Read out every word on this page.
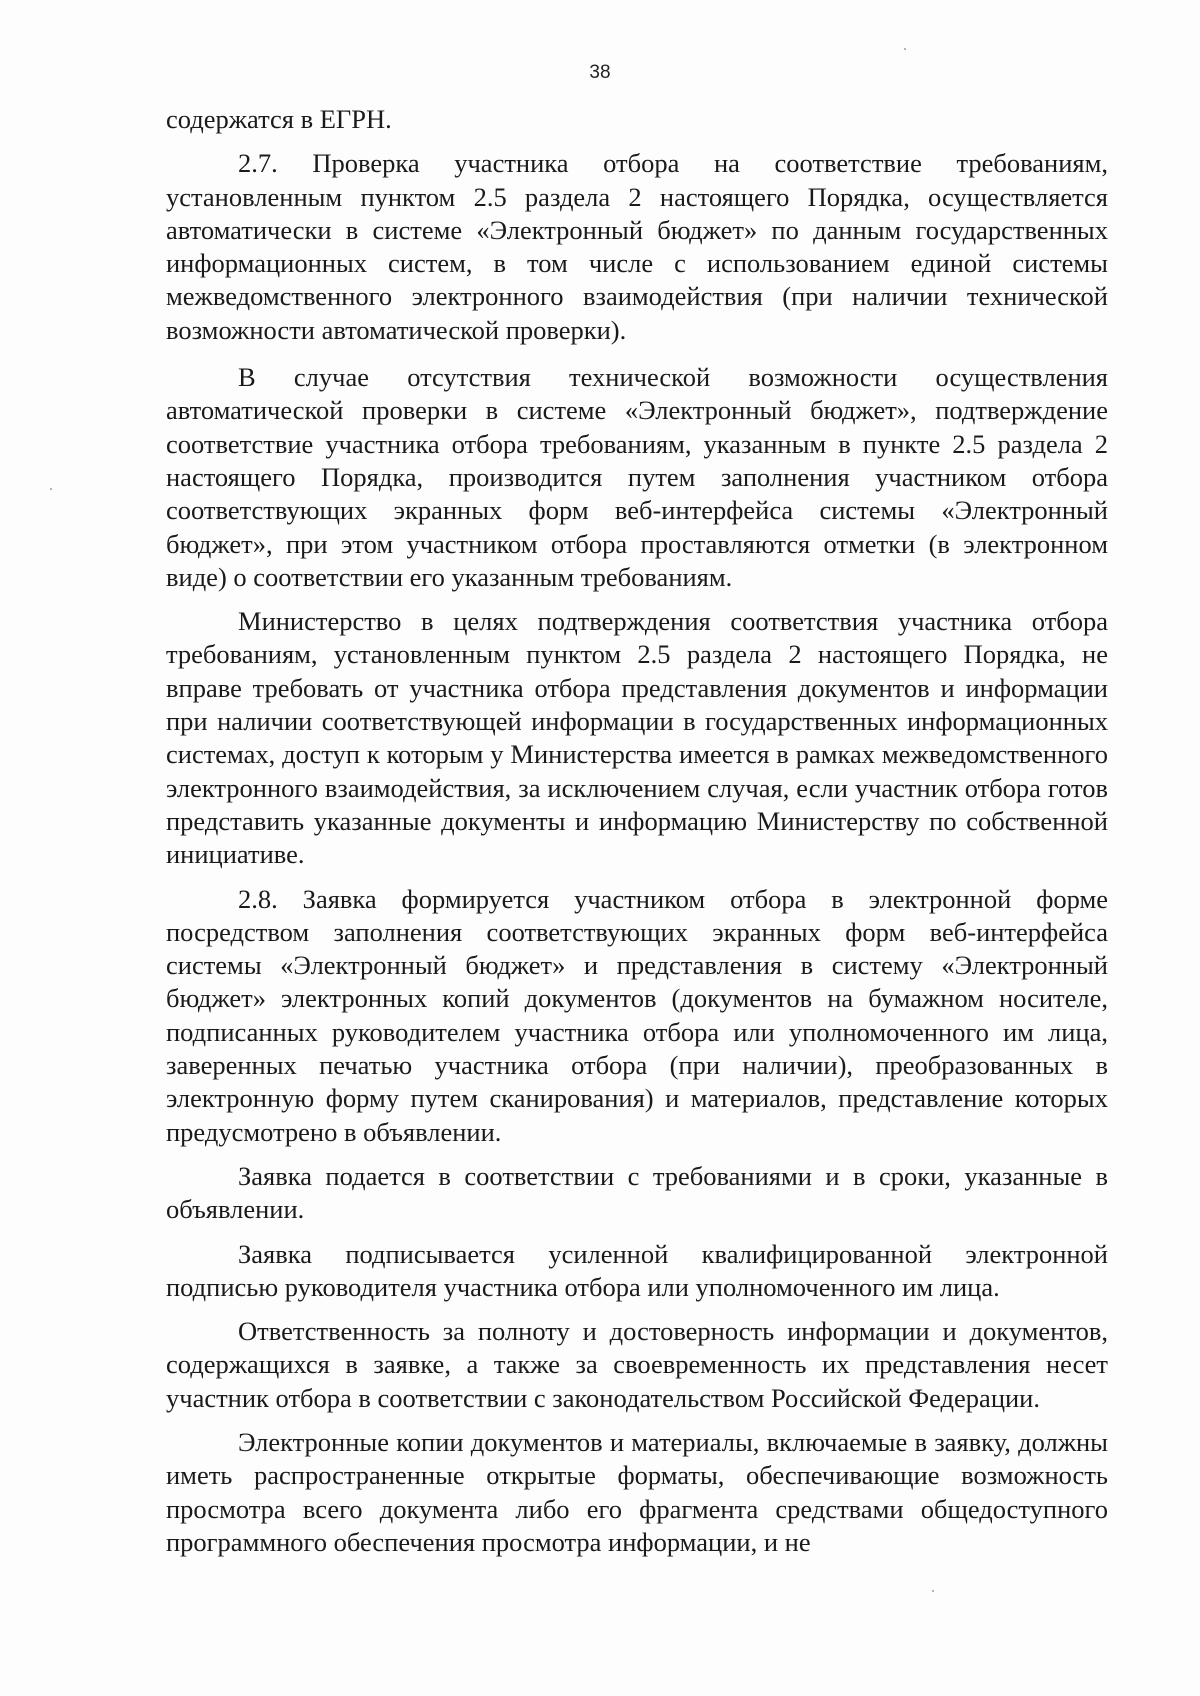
38

содержатся в ЕГРН.

2.7. Проверка участника отбора на соответствие требованиям, установленным пунктом 2.5 раздела 2 настоящего Порядка, осуществляется автоматически в системе «Электронный бюджет» по данным государственных информационных систем, в том числе с использованием единой системы межведомственного электронного взаимодействия (при наличии технической возможности автоматической проверки).

В случае отсутствия технической возможности осуществления автоматической проверки в системе «Электронный бюджет», подтверждение соответствие участника отбора требованиям, указанным в пункте 2.5 раздела 2 настоящего Порядка, производится путем заполнения участником отбора соответствующих экранных форм веб-интерфейса системы «Электронный бюджет», при этом участником отбора проставляются отметки (в электронном виде) о соответствии его указанным требованиям.

Министерство в целях подтверждения соответствия участника отбора требованиям, установленным пунктом 2.5 раздела 2 настоящего Порядка, не вправе требовать от участника отбора представления документов и информации при наличии соответствующей информации в государственных информационных системах, доступ к которым у Министерства имеется в рамках межведомственного электронного взаимодействия, за исключением случая, если участник отбора готов представить указанные документы и информацию Министерству по собственной инициативе.

2.8. Заявка формируется участником отбора в электронной форме посредством заполнения соответствующих экранных форм веб-интерфейса системы «Электронный бюджет» и представления в систему «Электронный бюджет» электронных копий документов (документов на бумажном носителе, подписанных руководителем участника отбора или уполномоченного им лица, заверенных печатью участника отбора (при наличии), преобразованных в электронную форму путем сканирования) и материалов, представление которых предусмотрено в объявлении.

Заявка подается в соответствии с требованиями и в сроки, указанные в объявлении.

Заявка подписывается усиленной квалифицированной электронной подписью руководителя участника отбора или уполномоченного им лица.

Ответственность за полноту и достоверность информации и документов, содержащихся в заявке, а также за своевременность их представления несет участник отбора в соответствии с законодательством Российской Федерации.

Электронные копии документов и материалы, включаемые в заявку, должны иметь распространенные открытые форматы, обеспечивающие возможность просмотра всего документа либо его фрагмента средствами общедоступного программного обеспечения просмотра информации, и не
